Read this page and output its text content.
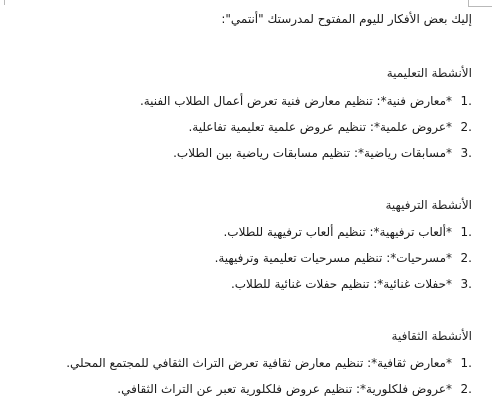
إليك بعض الأفكار لليوم المفتوح لمدرستك "أنتمي":
الأنشطة التعليمية
1.
*معارض فنية*: تنظيم معارض فنية تعرض أعمال الطلاب الفنية.
2.
*عروض علمية*: تنظيم عروض علمية تعليمية تفاعلية.
3.
*مسابقات رياضية*: تنظيم مسابقات رياضية بين الطلاب.
الأنشطة الترفيهية
1.
*ألعاب ترفيهية*: تنظيم ألعاب ترفيهية للطلاب.
2.
*مسرحيات*: تنظيم مسرحيات تعليمية وترفيهية.
3.
*حفلات غنائية*: تنظيم حفلات غنائية للطلاب.
الأنشطة الثقافية
1.
*معارض ثقافية*: تنظيم معارض ثقافية تعرض التراث الثقافي للمجتمع المحلي.
2.
*عروض فلكلورية*: تنظيم عروض فلكلورية تعبر عن التراث الثقافي.
